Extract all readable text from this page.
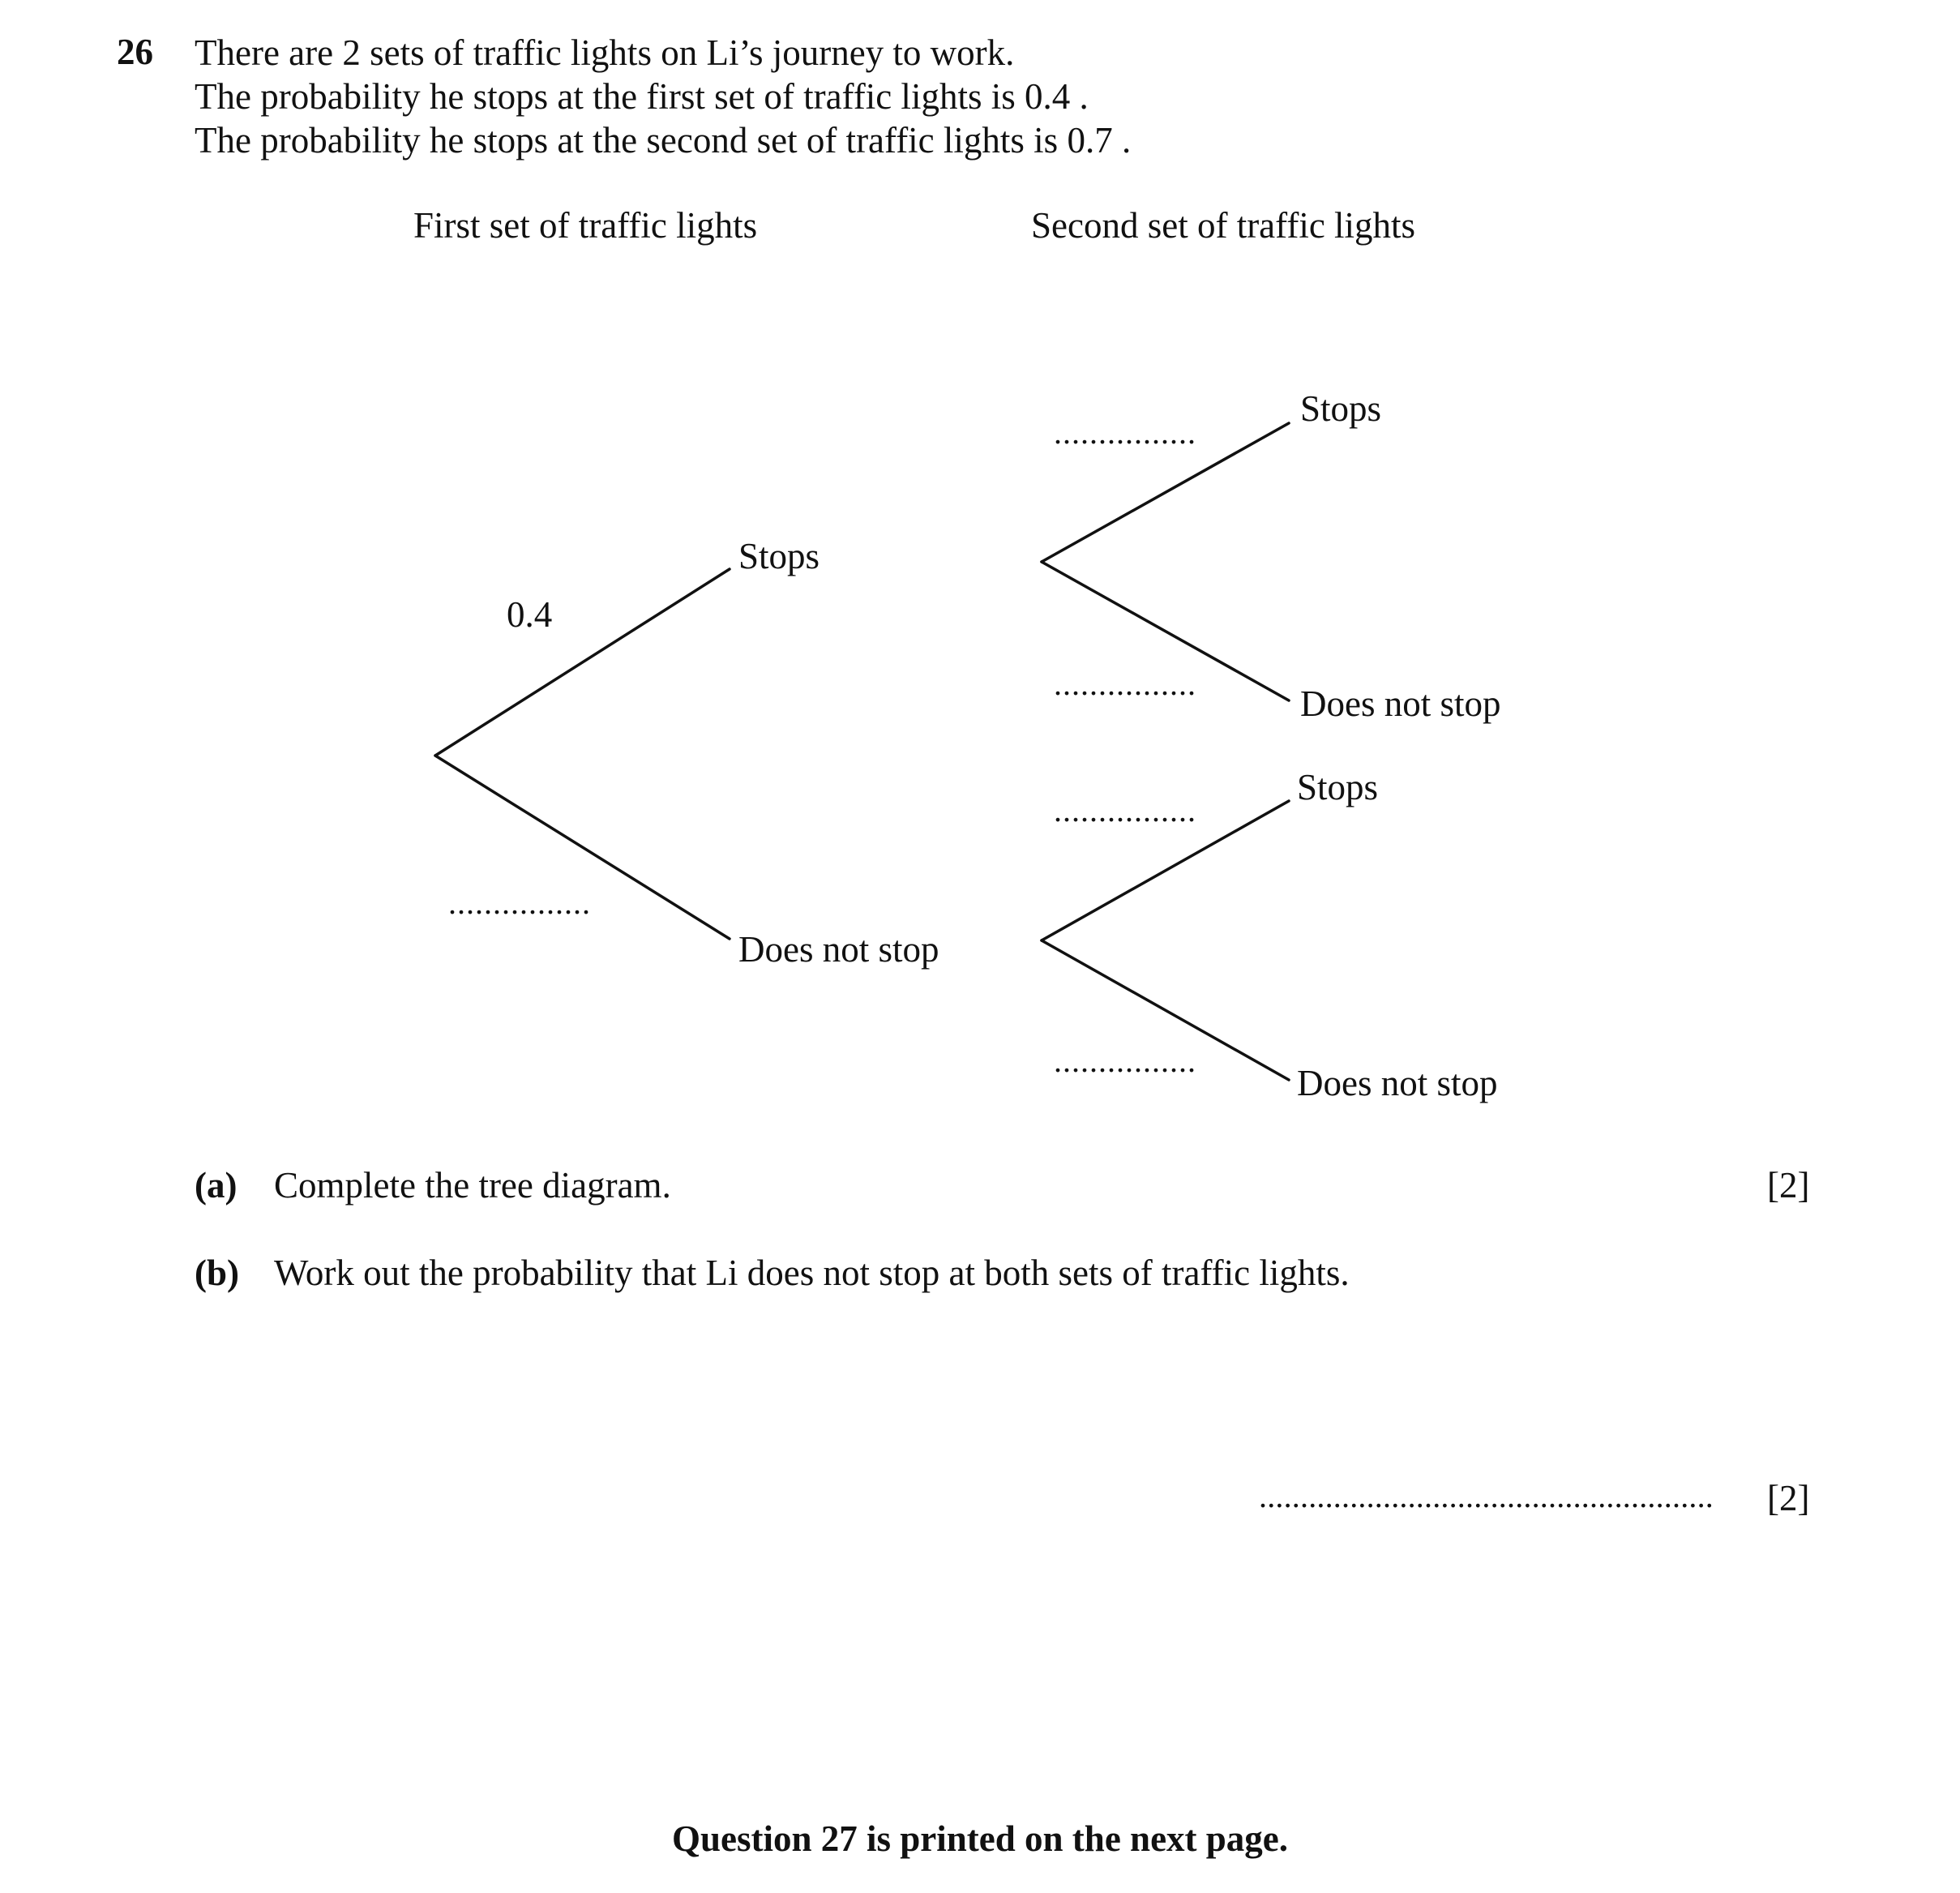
26 There are 2 sets of traffic lights on Li’s journey to work.
The probability he stops at the first set of traffic lights is 0.4 .
The probability he stops at the second set of traffic lights is 0.7 .
First set of traffic lights	Second set of traffic lights
0.4
Stops
Does not stop
................
................
Stops
................	Does not stop
................
Stops
................
Does not stop
(a) Complete the tree diagram.	[2]
(b) Work out the probability that Li does not stop at both sets of traffic lights.
....................................................... [2]
Question 27 is printed on the next page.
